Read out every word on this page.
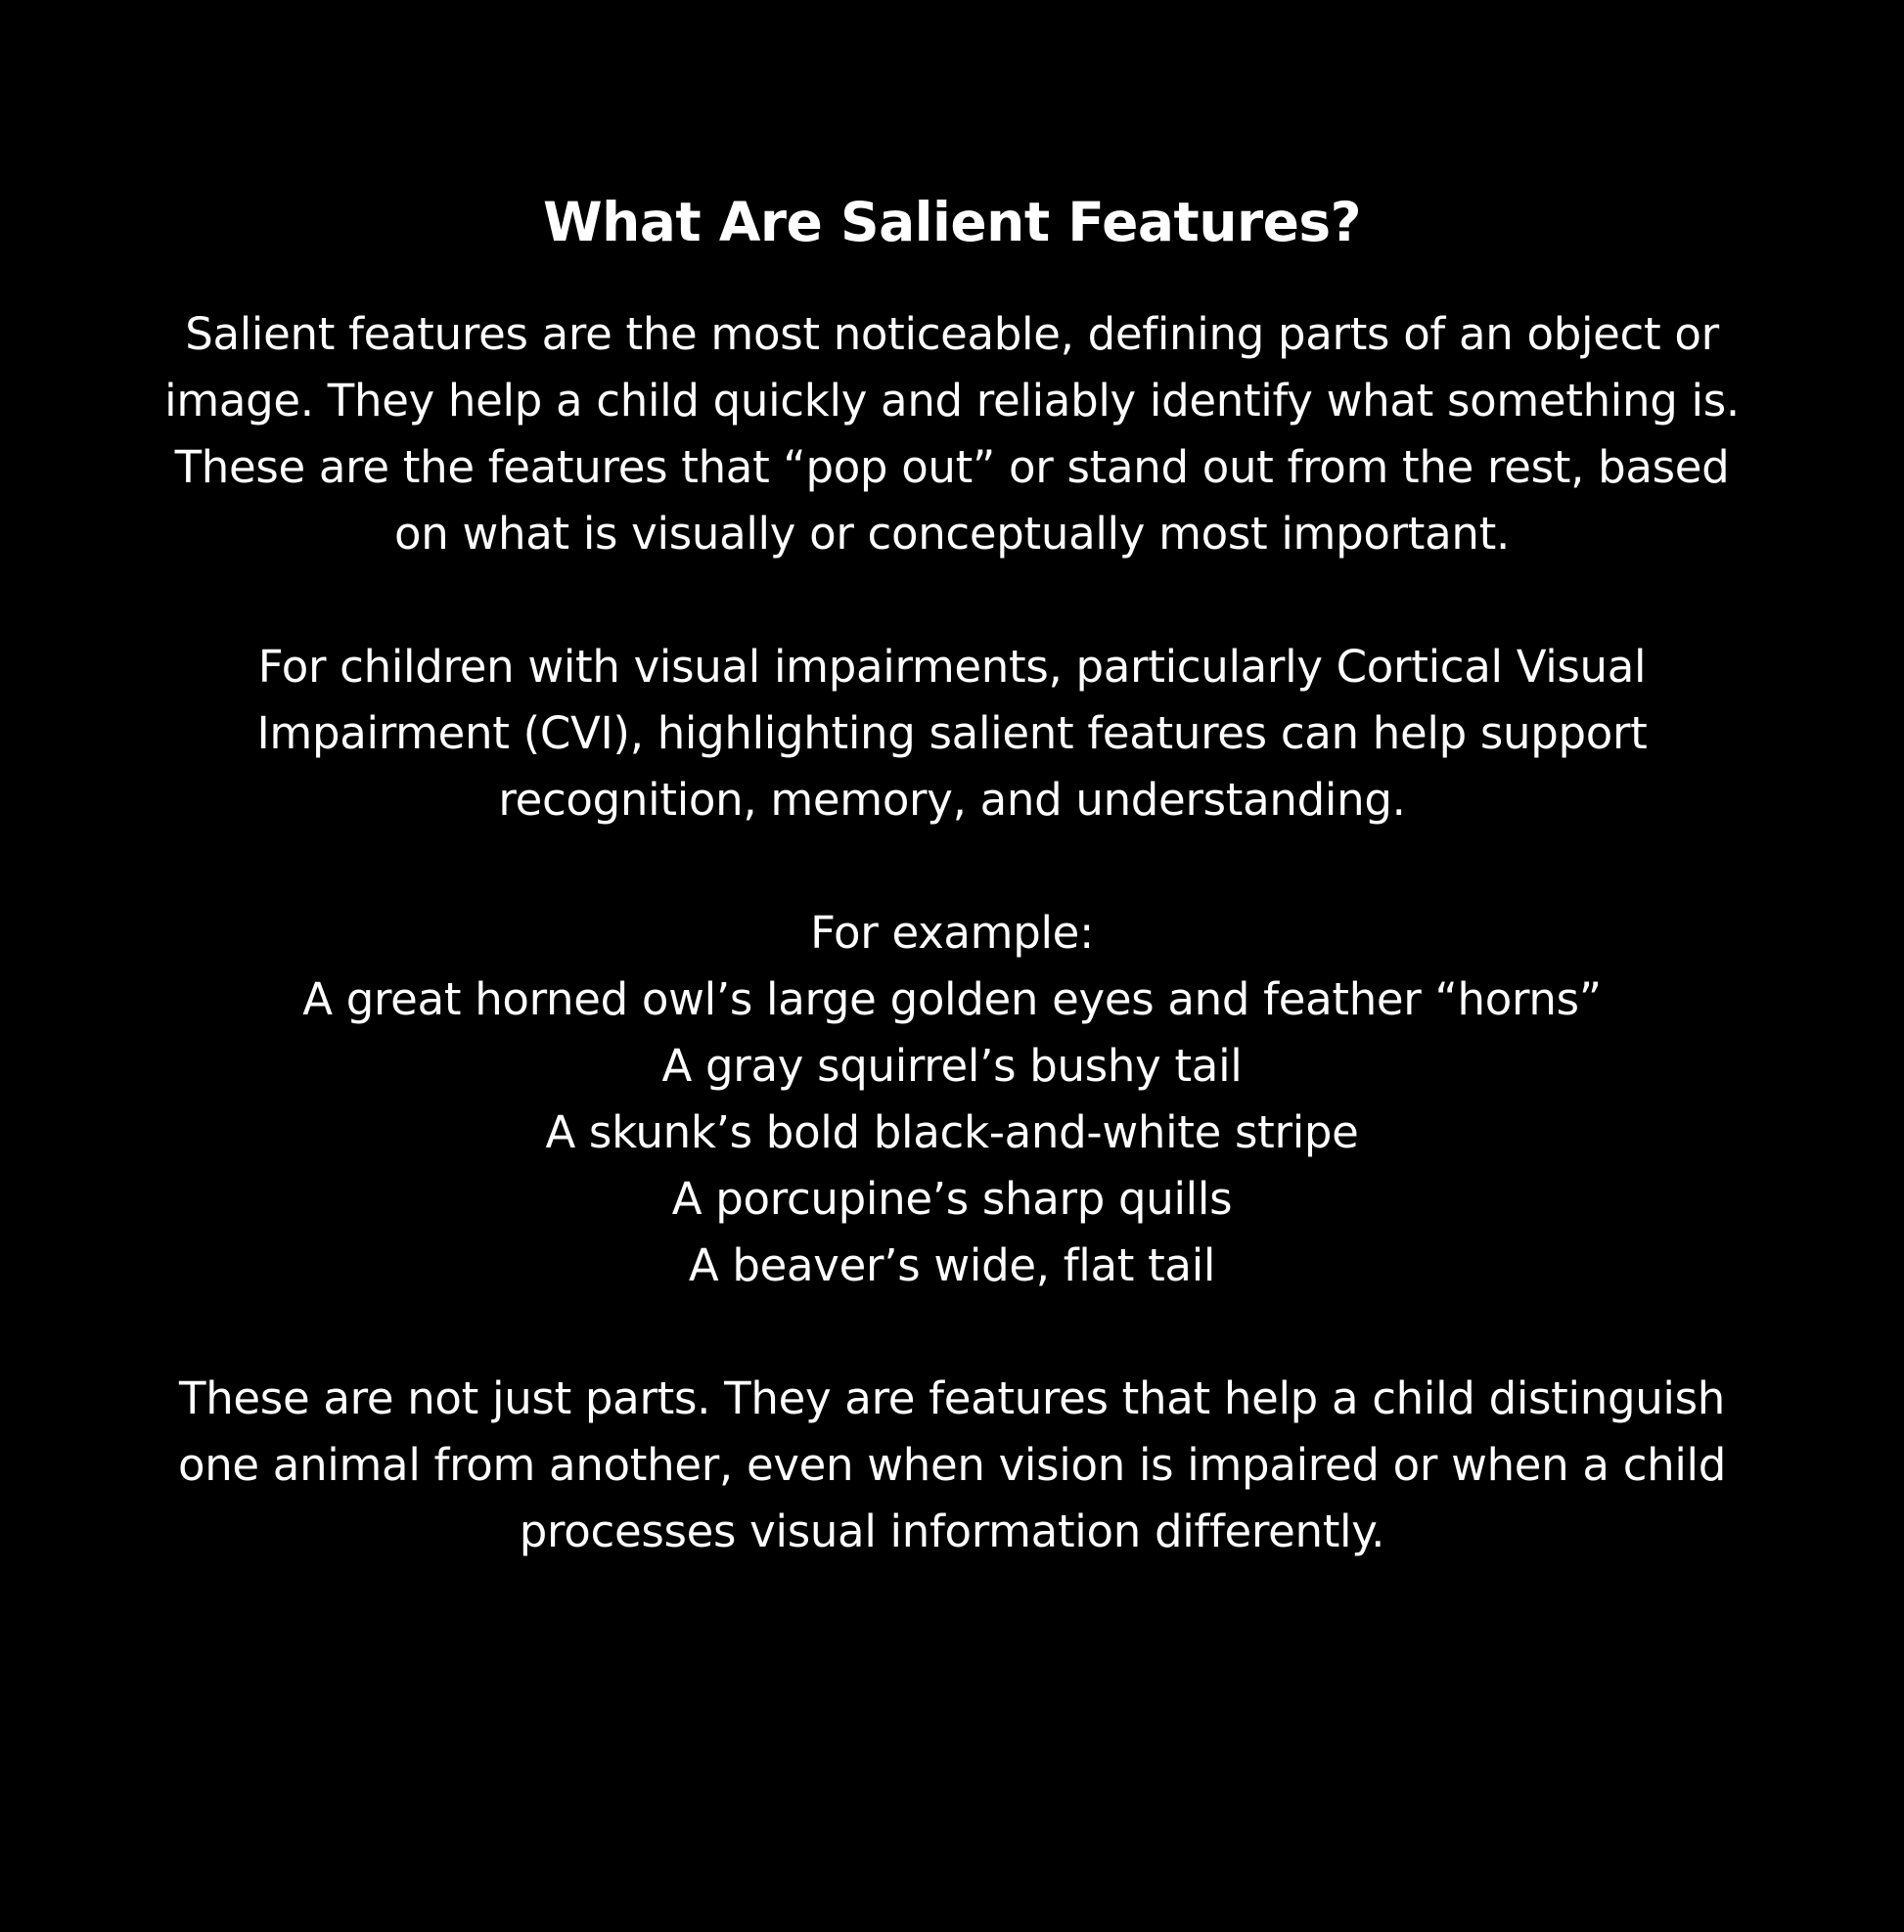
What Are Salient Features?

Salient features are the most noticeable, defining parts of an object or image. They help a child quickly and reliably identify what something is. These are the features that “pop out” or stand out from the rest, based on what is visually or conceptually most important.

For children with visual impairments, particularly Cortical Visual Impairment (CVI), highlighting salient features can help support recognition, memory, and understanding.

For example:

A great horned owl’s large golden eyes and feather “horns”
A gray squirrel’s bushy tail
A skunk’s bold black-and-white stripe
A porcupine’s sharp quills
A beaver’s wide, flat tail

These are not just parts. They are features that help a child distinguish one animal from another, even when vision is impaired or when a child processes visual information differently.
